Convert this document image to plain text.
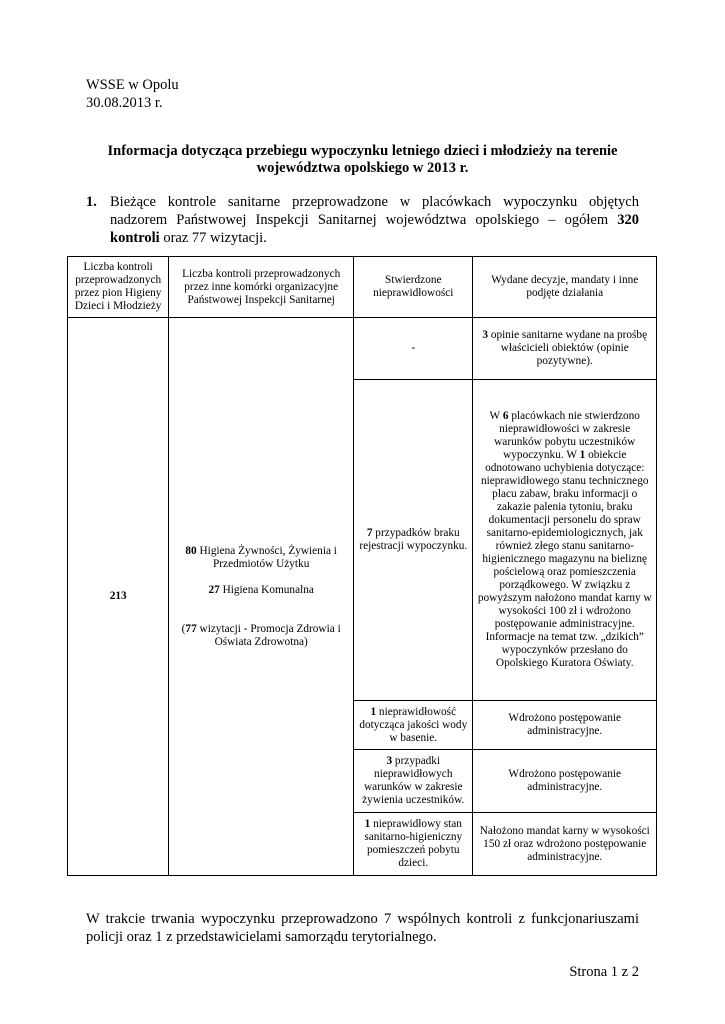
WSSE w Opolu
30.08.2013 r.
Informacja dotycząca przebiegu wypoczynku letniego dzieci i młodzieży na terenie
województwa opolskiego w 2013 r.
1. Bieżące kontrole sanitarne przeprowadzone w placówkach wypoczynku objętych nadzorem Państwowej Inspekcji Sanitarnej województwa opolskiego – ogółem 320 kontroli oraz 77 wizytacji.
Liczba kontroli przeprowadzonych przez pion Higieny Dzieci i Młodzieży	Liczba kontroli przeprowadzonych przez inne komórki organizacyjne Państwowej Inspekcji Sanitarnej	Stwierdzone nieprawidłowości	Wydane decyzje, mandaty i inne podjęte działania
213	80 Higiena Żywności, Żywienia i Przedmiotów Użytku

27 Higiena Komunalna

(77 wizytacji - Promocja Zdrowia i Oświata Zdrowotna)	-	3 opinie sanitarne wydane na prośbę właścicieli obiektów (opinie pozytywne).
		7 przypadków braku rejestracji wypoczynku.	W 6 placówkach nie stwierdzono nieprawidłowości w zakresie warunków pobytu uczestników wypoczynku. W 1 obiekcie odnotowano uchybienia dotyczące: nieprawidłowego stanu technicznego placu zabaw, braku informacji o zakazie palenia tytoniu, braku dokumentacji personelu do spraw sanitarno-epidemiologicznych, jak również złego stanu sanitarno-higienicznego magazynu na bieliznę pościelową oraz pomieszczenia porządkowego. W związku z powyższym nałożono mandat karny w wysokości 100 zł i wdrożono postępowanie administracyjne. Informacje na temat tzw. „dzikich” wypoczynków przesłano do Opolskiego Kuratora Oświaty.
		1 nieprawidłowość dotycząca jakości wody w basenie.	Wdrożono postępowanie administracyjne.
		3 przypadki nieprawidłowych warunków w zakresie żywienia uczestników.	Wdrożono postępowanie administracyjne.
		1 nieprawidłowy stan sanitarno-higieniczny pomieszczeń pobytu dzieci.	Nałożono mandat karny w wysokości 150 zł oraz wdrożono postępowanie administracyjne.
W trakcie trwania wypoczynku przeprowadzono 7 wspólnych kontroli z funkcjonariuszami policji oraz 1 z przedstawicielami samorządu terytorialnego.
Strona 1 z 2
